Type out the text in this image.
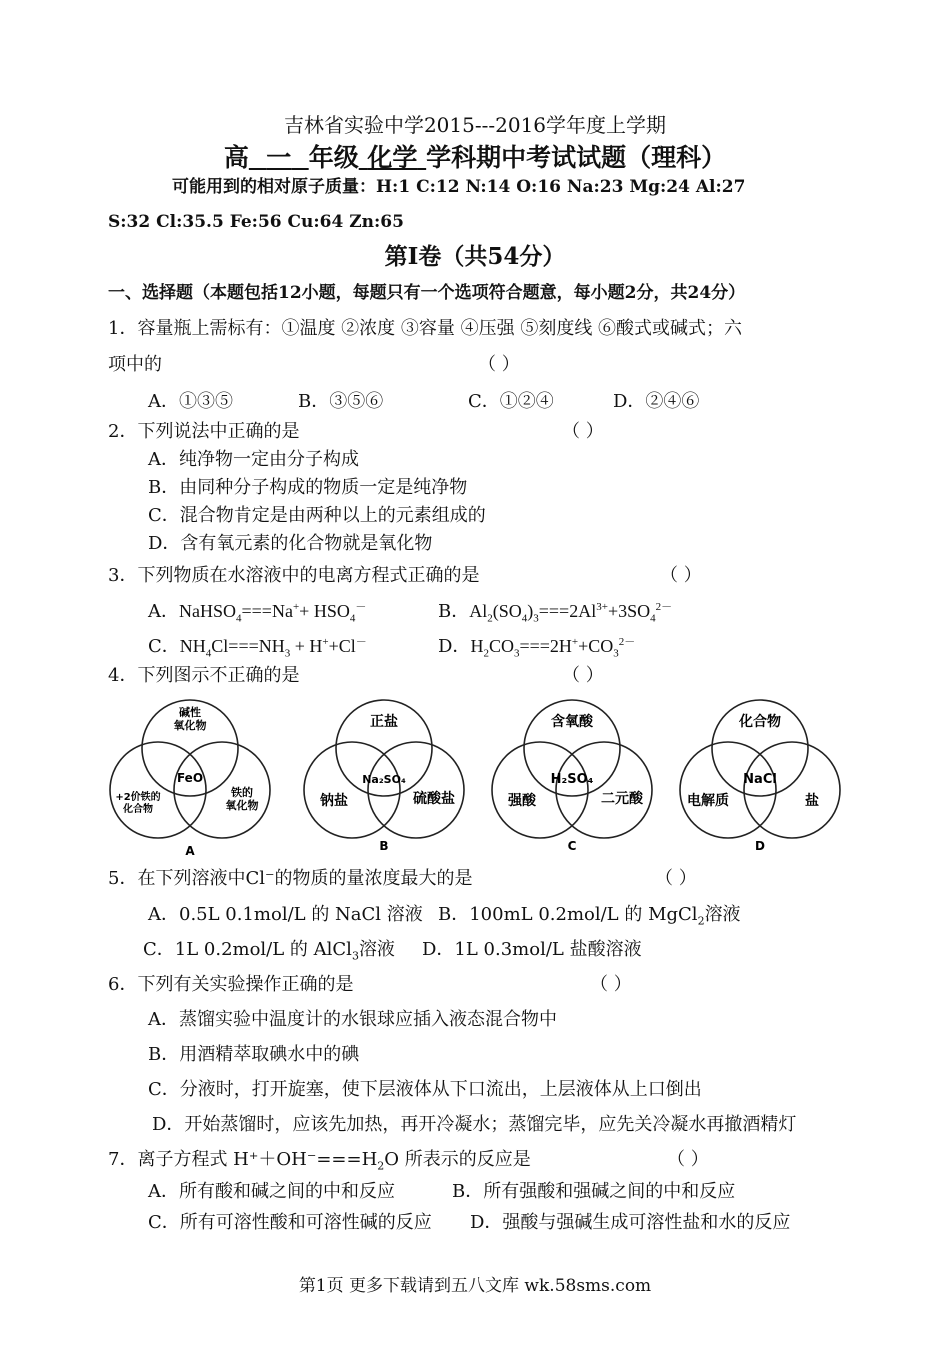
吉林省实验中学2015---2016学年度上学期
高 一 年级 化学 学科期中考试试题（理科）
可能用到的相对原子质量：H:1 C:12 N:14 O:16 Na:23 Mg:24 Al:27
S:32 Cl:35.5 Fe:56 Cu:64 Zn:65
第I卷（共54分）
一、选择题（本题包括12小题，每题只有一个选项符合题意，每小题2分，共24分）
1．容量瓶上需标有：①温度 ②浓度 ③容量 ④压强 ⑤刻度线 ⑥酸式或碱式；六
项中的	（ ）
A．①③⑤	B．③⑤⑥	C．①②④	D．②④⑥
2．下列说法中正确的是	（ ）
A．纯净物一定由分子构成
B．由同种分子构成的物质一定是纯净物
C．混合物肯定是由两种以上的元素组成的
D．含有氧元素的化合物就是氧化物
3．下列物质在水溶液中的电离方程式正确的是	（ ）
A．NaHSO$_4$===Na++ $HSO_4^-$	B．$Al_2(SO_4)_3===2Al^{3+}+3SO_4^{2-}$
C．$NH_4Cl===NH_3 + H^++Cl^-$	D．$H_2CO_3===2H^++CO_3^{2-}$
4．下列图示不正确的是	（ ）
碱性
氧化物
FeO
+2价铁的
化合物
铁的
氧化物
A
正盐
Na₂SO₄
钠盐	硫酸盐
B
含氧酸
H₂SO₄
强酸	二元酸
C
化合物
NaCl
电解质	盐
D
5．在下列溶液中Cl⁻的物质的量浓度最大的是	（ ）
A．0.5L 0.1mol/L 的 NaCl 溶液 B．100mL 0.2mol/L 的 MgCl$_2$溶液
C．1L 0.2mol/L 的 AlCl$_3$溶液 D．1L 0.3mol/L 盐酸溶液
6．下列有关实验操作正确的是	（ ）
A．蒸馏实验中温度计的水银球应插入液态混合物中
B．用酒精萃取碘水中的碘
C．分液时，打开旋塞，使下层液体从下口流出，上层液体从上口倒出
D．开始蒸馏时，应该先加热，再开冷凝水；蒸馏完毕，应先关冷凝水再撤酒精灯
7．离子方程式 $H^++OH^-===H_2O$ 所表示的反应是	（ ）
A．所有酸和碱之间的中和反应	B．所有强酸和强碱之间的中和反应
C．所有可溶性酸和可溶性碱的反应 D．强酸与强碱生成可溶性盐和水的反应
第1页 更多下载请到五八文库 wk.58sms.com
